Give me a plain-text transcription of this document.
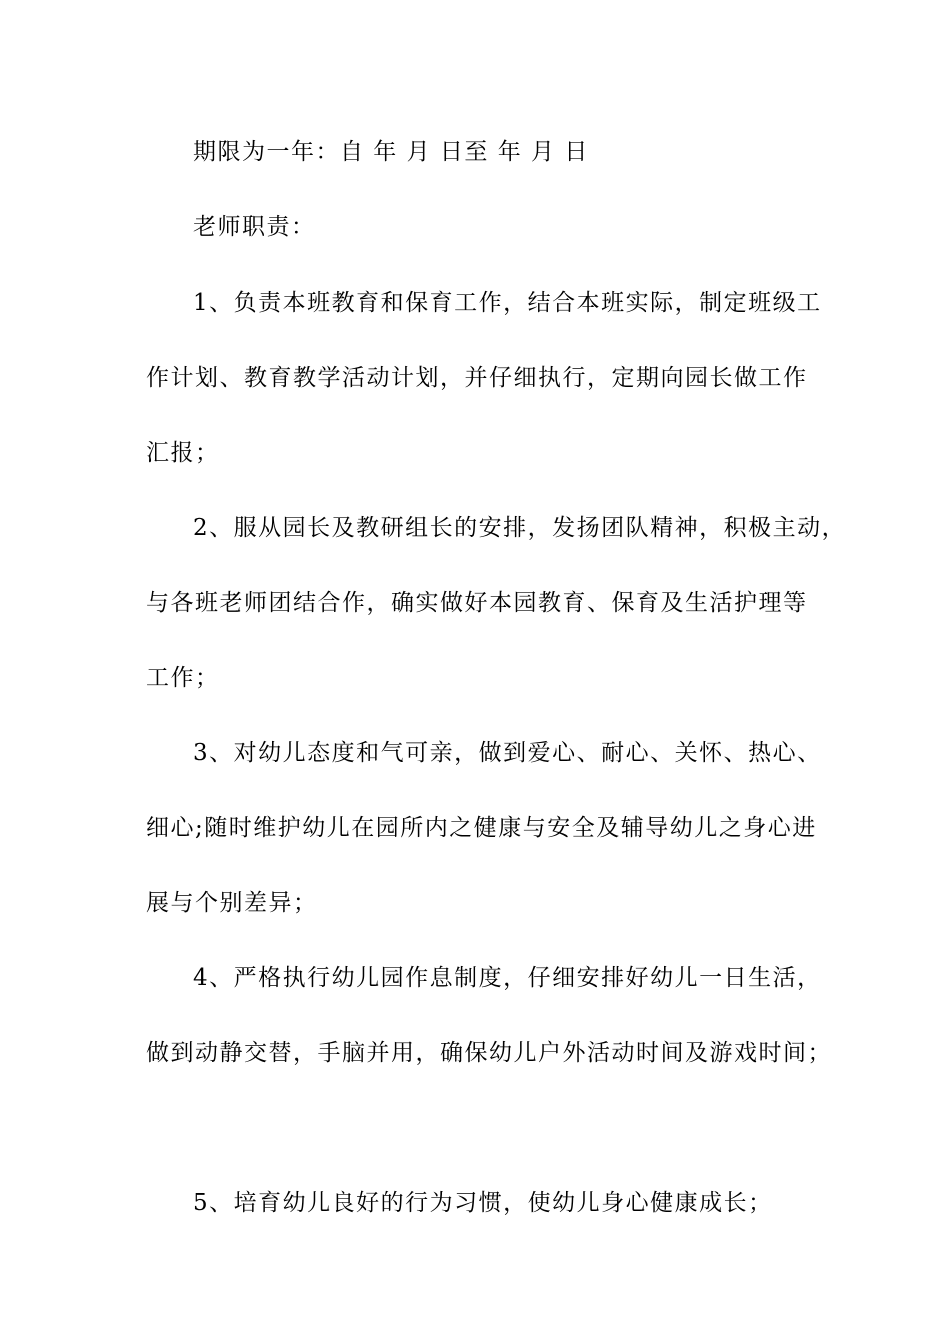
期限为一年：自 年 月 日至 年 月 日
老师职责：
1、负责本班教育和保育工作，结合本班实际，制定班级工
作计划、教育教学活动计划，并仔细执行，定期向园长做工作
汇报；
2、服从园长及教研组长的安排，发扬团队精神，积极主动，
与各班老师团结合作，确实做好本园教育、保育及生活护理等
工作；
3、对幼儿态度和气可亲，做到爱心、耐心、关怀、热心、
细心;随时维护幼儿在园所内之健康与安全及辅导幼儿之身心进
展与个别差异；
4、严格执行幼儿园作息制度，仔细安排好幼儿一日生活，
做到动静交替，手脑并用，确保幼儿户外活动时间及游戏时间；
5、培育幼儿良好的行为习惯，使幼儿身心健康成长；
